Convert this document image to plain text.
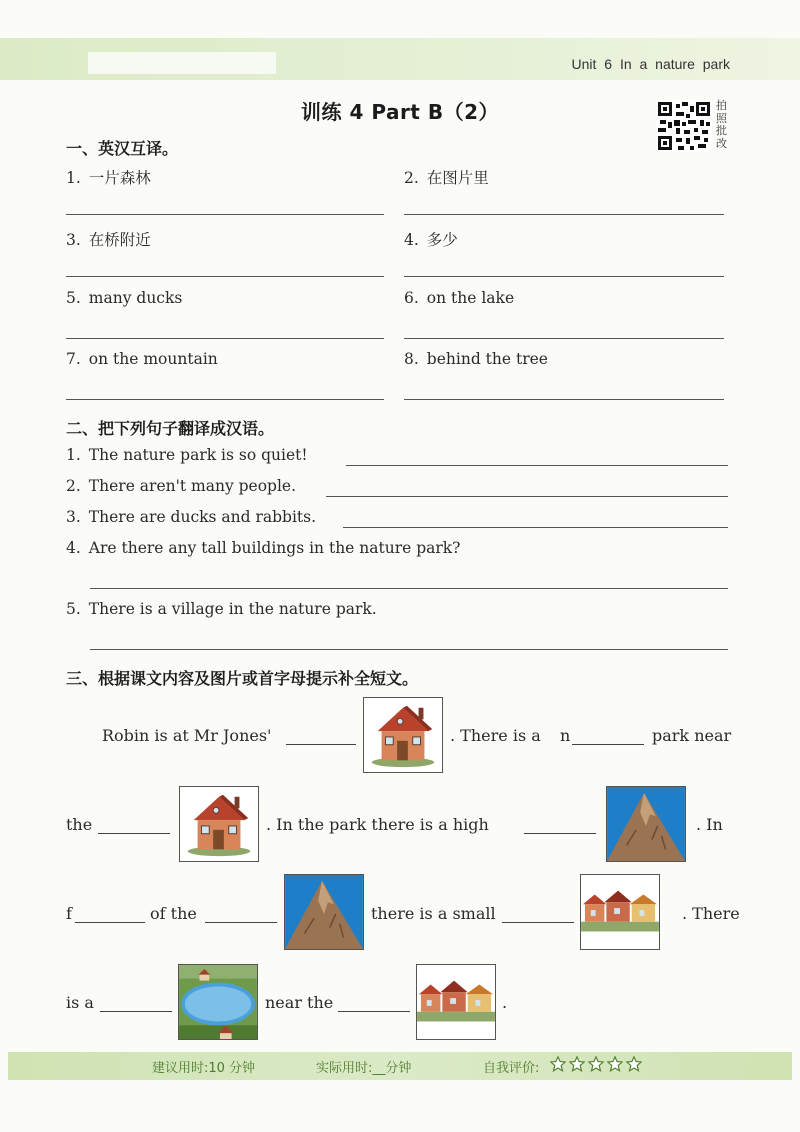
Unit 6 In a nature park
训练 4 Part B（2）	拍
照
批
改
一、英汉互译。
1. 一片森林	2. 在图片里
3. 在桥附近	4. 多少
5. many ducks	6. on the lake
7. on the mountain	8. behind the tree
二、把下列句子翻译成汉语。
1. The nature park is so quiet!
2. There aren't many people.
3. There are ducks and rabbits.
4. Are there any tall buildings in the nature park?
5. There is a village in the nature park.
三、根据课文内容及图片或首字母提示补全短文。
Robin is at Mr Jones'	. There is a n	park near
the	. In the park there is a high	. In
f	of the	there is a small	. There
is a	near the	.
建议用时:10 分钟	实际用时:__分钟	自我评价:
